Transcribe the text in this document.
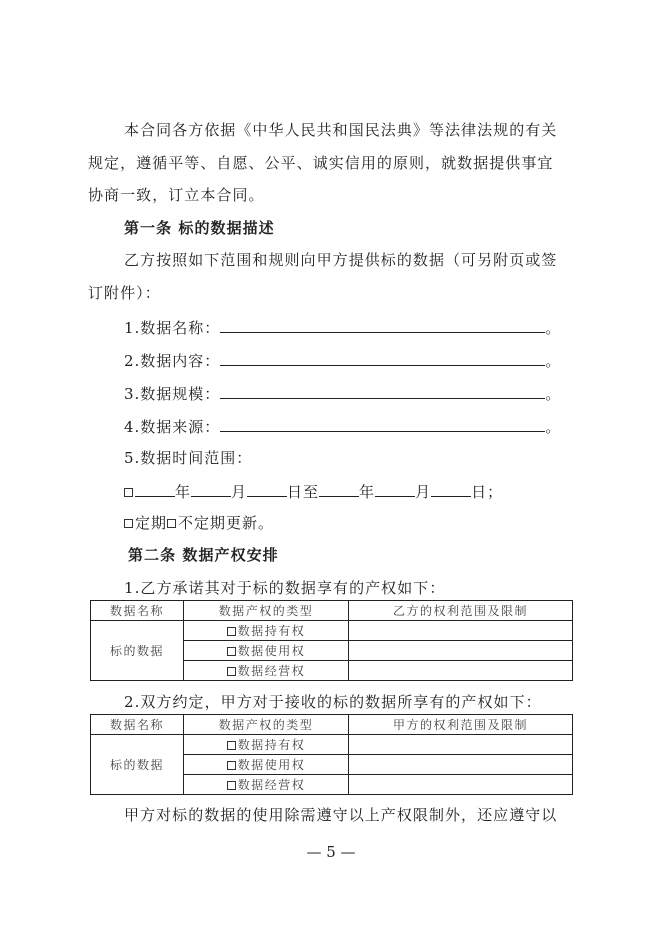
本合同各方依据《中华人民共和国民法典》等法律法规的有关
规定，遵循平等、自愿、公平、诚实信用的原则，就数据提供事宜
协商一致，订立本合同。
第一条 标的数据描述
乙方按照如下范围和规则向甲方提供标的数据（可另附页或签
订附件）：
1.数据名称：	。
2.数据内容：	。
3.数据规模：	。
4.数据来源：	。
5.数据时间范围：
年	月	日至	年	月	日；
定期 不定期更新。
第二条 数据产权安排
1.乙方承诺其对于标的数据享有的产权如下：
数据名称	数据产权的类型	乙方的权利范围及限制
标的数据	数据持有权	
	数据使用权	
	数据经营权	
2.双方约定，甲方对于接收的标的数据所享有的产权如下：
数据名称	数据产权的类型	甲方的权利范围及限制
标的数据	数据持有权	
	数据使用权	
	数据经营权	
甲方对标的数据的使用除需遵守以上产权限制外，还应遵守以
— 5 —
